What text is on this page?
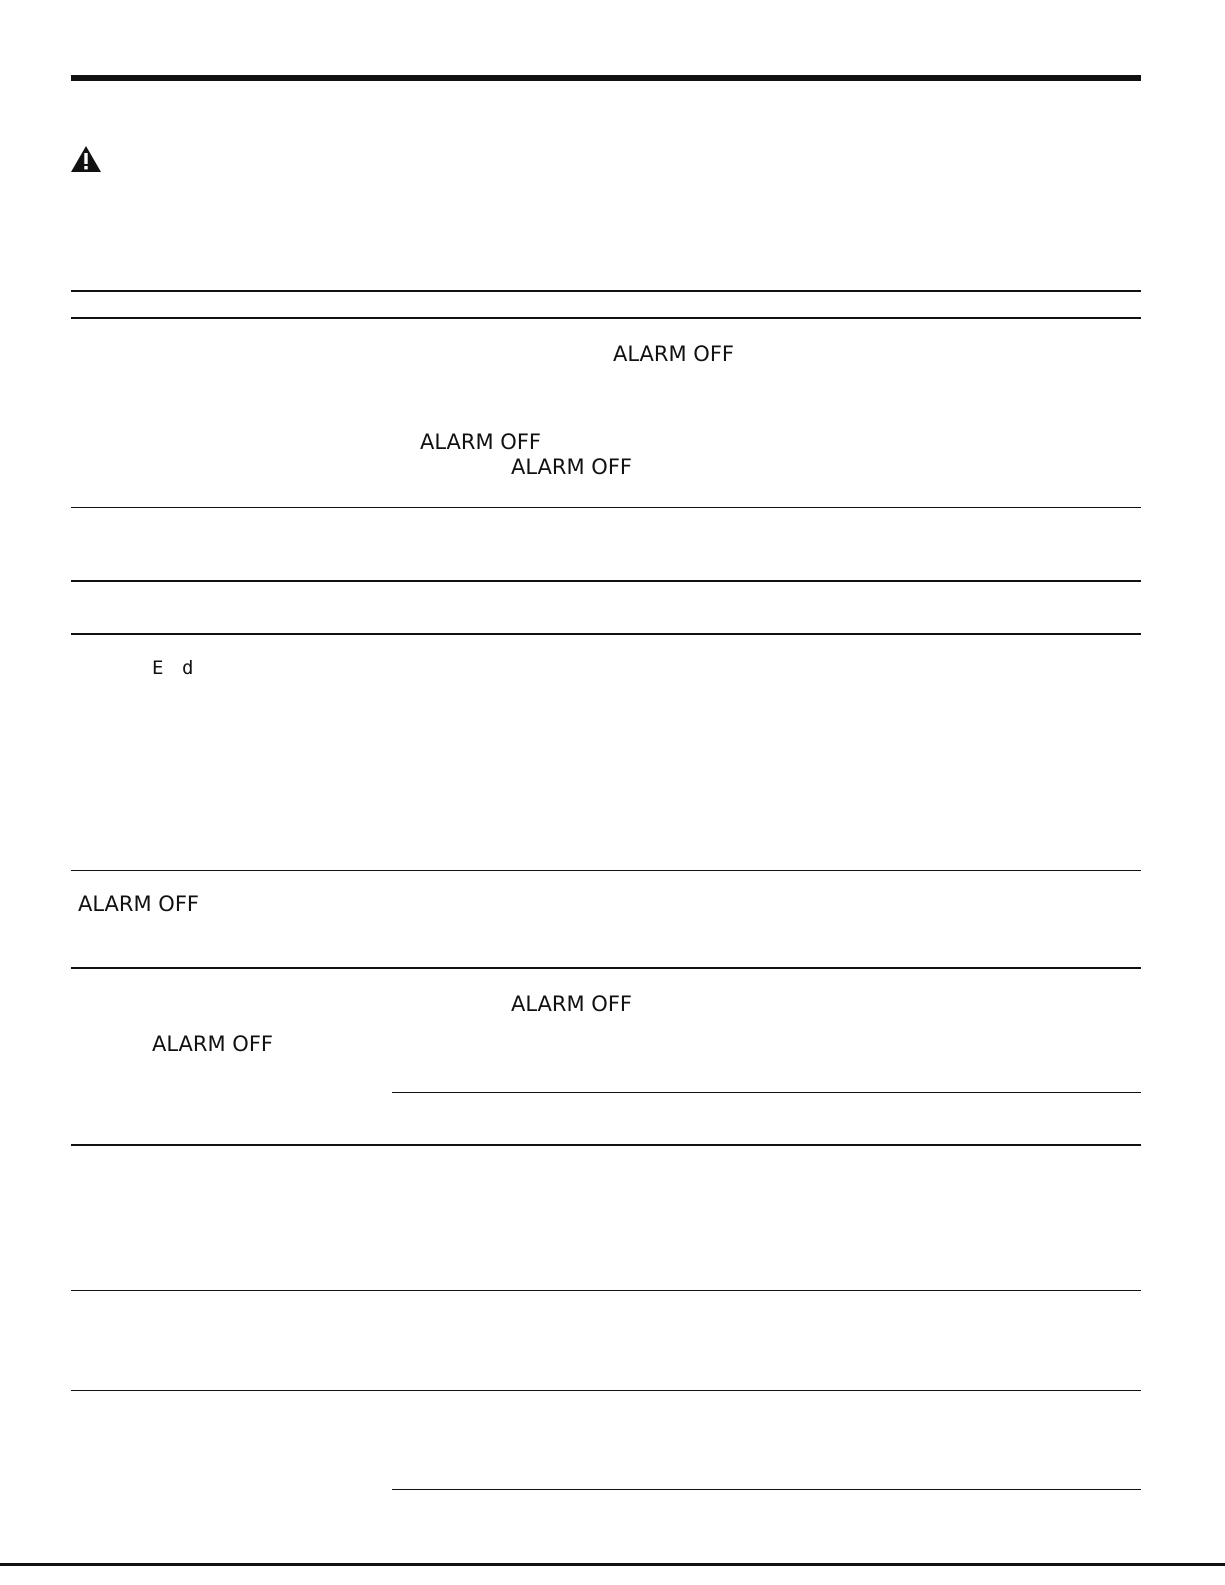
ALARM OFF
ALARM OFF
ALARM OFF
ALARM OFF
ALARM OFF
ALARM OFF
E d
